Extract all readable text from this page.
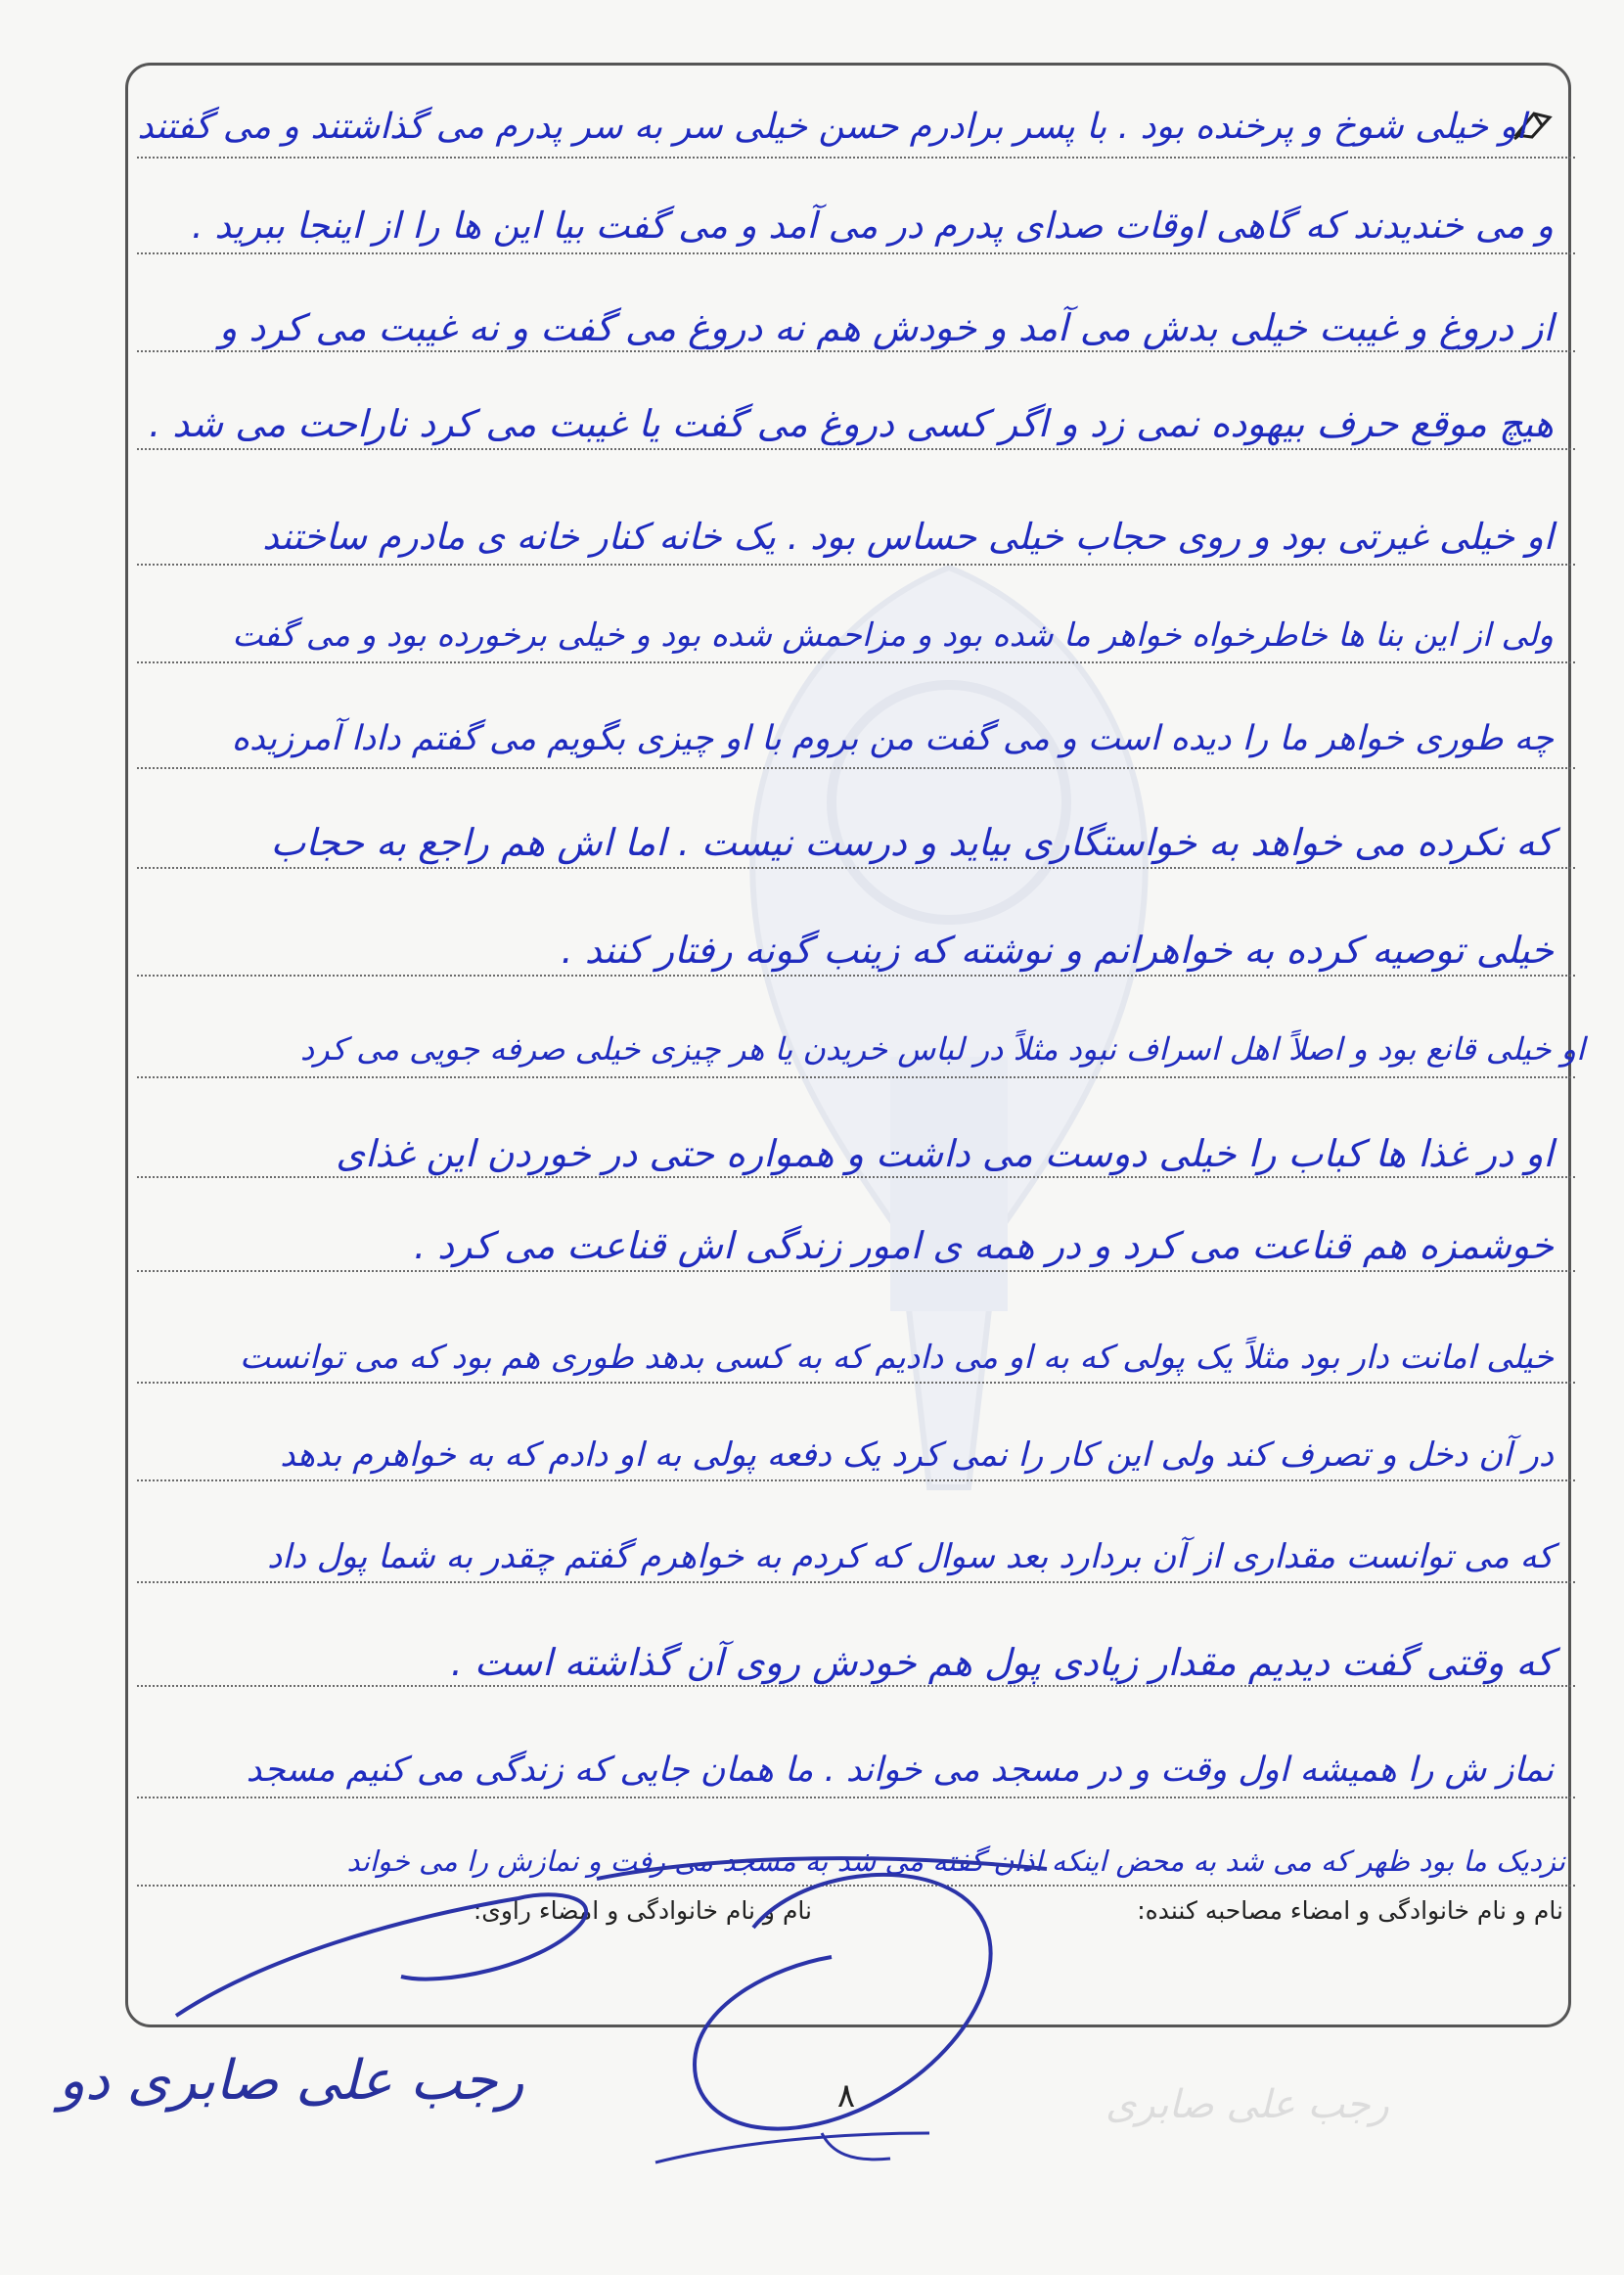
او خیلی شوخ و پرخنده بود . با پسر برادرم حسن خیلی سر به سر پدرم می گذاشتند و می گفتند
و می خندیدند که گاهی اوقات صدای پدرم در می آمد و می گفت بیا این ها را از اینجا ببرید .
از دروغ و غیبت خیلی بدش می آمد و خودش هم نه دروغ می گفت و نه غیبت می کرد و
هیچ موقع حرف بیهوده نمی زد و اگر کسی دروغ می گفت یا غیبت می کرد ناراحت می شد .
او خیلی غیرتی بود و روی حجاب خیلی حساس بود . یک خانه کنار خانه ی مادرم ساختند
ولی از این بنا ها خاطرخواه خواهر ما شده بود و مزاحمش شده بود و خیلی برخورده بود و می گفت
چه طوری خواهر ما را دیده است و می گفت من بروم با او چیزی بگویم می گفتم دادا آمرزیده
که نکرده می خواهد به خواستگاری بیاید و درست نیست . اما اش هم راجع به حجاب
خیلی توصیه کرده به خواهرانم و نوشته که زینب گونه رفتار کنند .
او خیلی قانع بود و اصلاً اهل اسراف نبود مثلاً در لباس خریدن یا هر چیزی خیلی صرفه جویی می کرد
او در غذا ها کباب را خیلی دوست می داشت و همواره حتی در خوردن این غذای
خوشمزه هم قناعت می کرد و در همه ی امور زندگی اش قناعت می کرد .
خیلی امانت دار بود مثلاً یک پولی که به او می دادیم که به کسی بدهد طوری هم بود که می توانست
در آن دخل و تصرف کند ولی این کار را نمی کرد یک دفعه پولی به او دادم که به خواهرم بدهد
که می توانست مقداری از آن بردارد بعد سوال که کردم به خواهرم گفتم چقدر به شما پول داد
که وقتی گفت دیدیم مقدار زیادی پول هم خودش روی آن گذاشته است .
نماز ش را همیشه اول وقت و در مسجد می خواند . ما همان جایی که زندگی می کنیم مسجد
نزدیک ما بود ظهر که می شد به محض اینکه اذان گفته می شد به مسجد می رفت و نمازش را می خواند
نام و نام خانوادگی و امضاء مصاحبه کننده:
نام و نام خانوادگی و امضاء راوی:
رجب علی صابری دو	۸	رجب علی صابری
